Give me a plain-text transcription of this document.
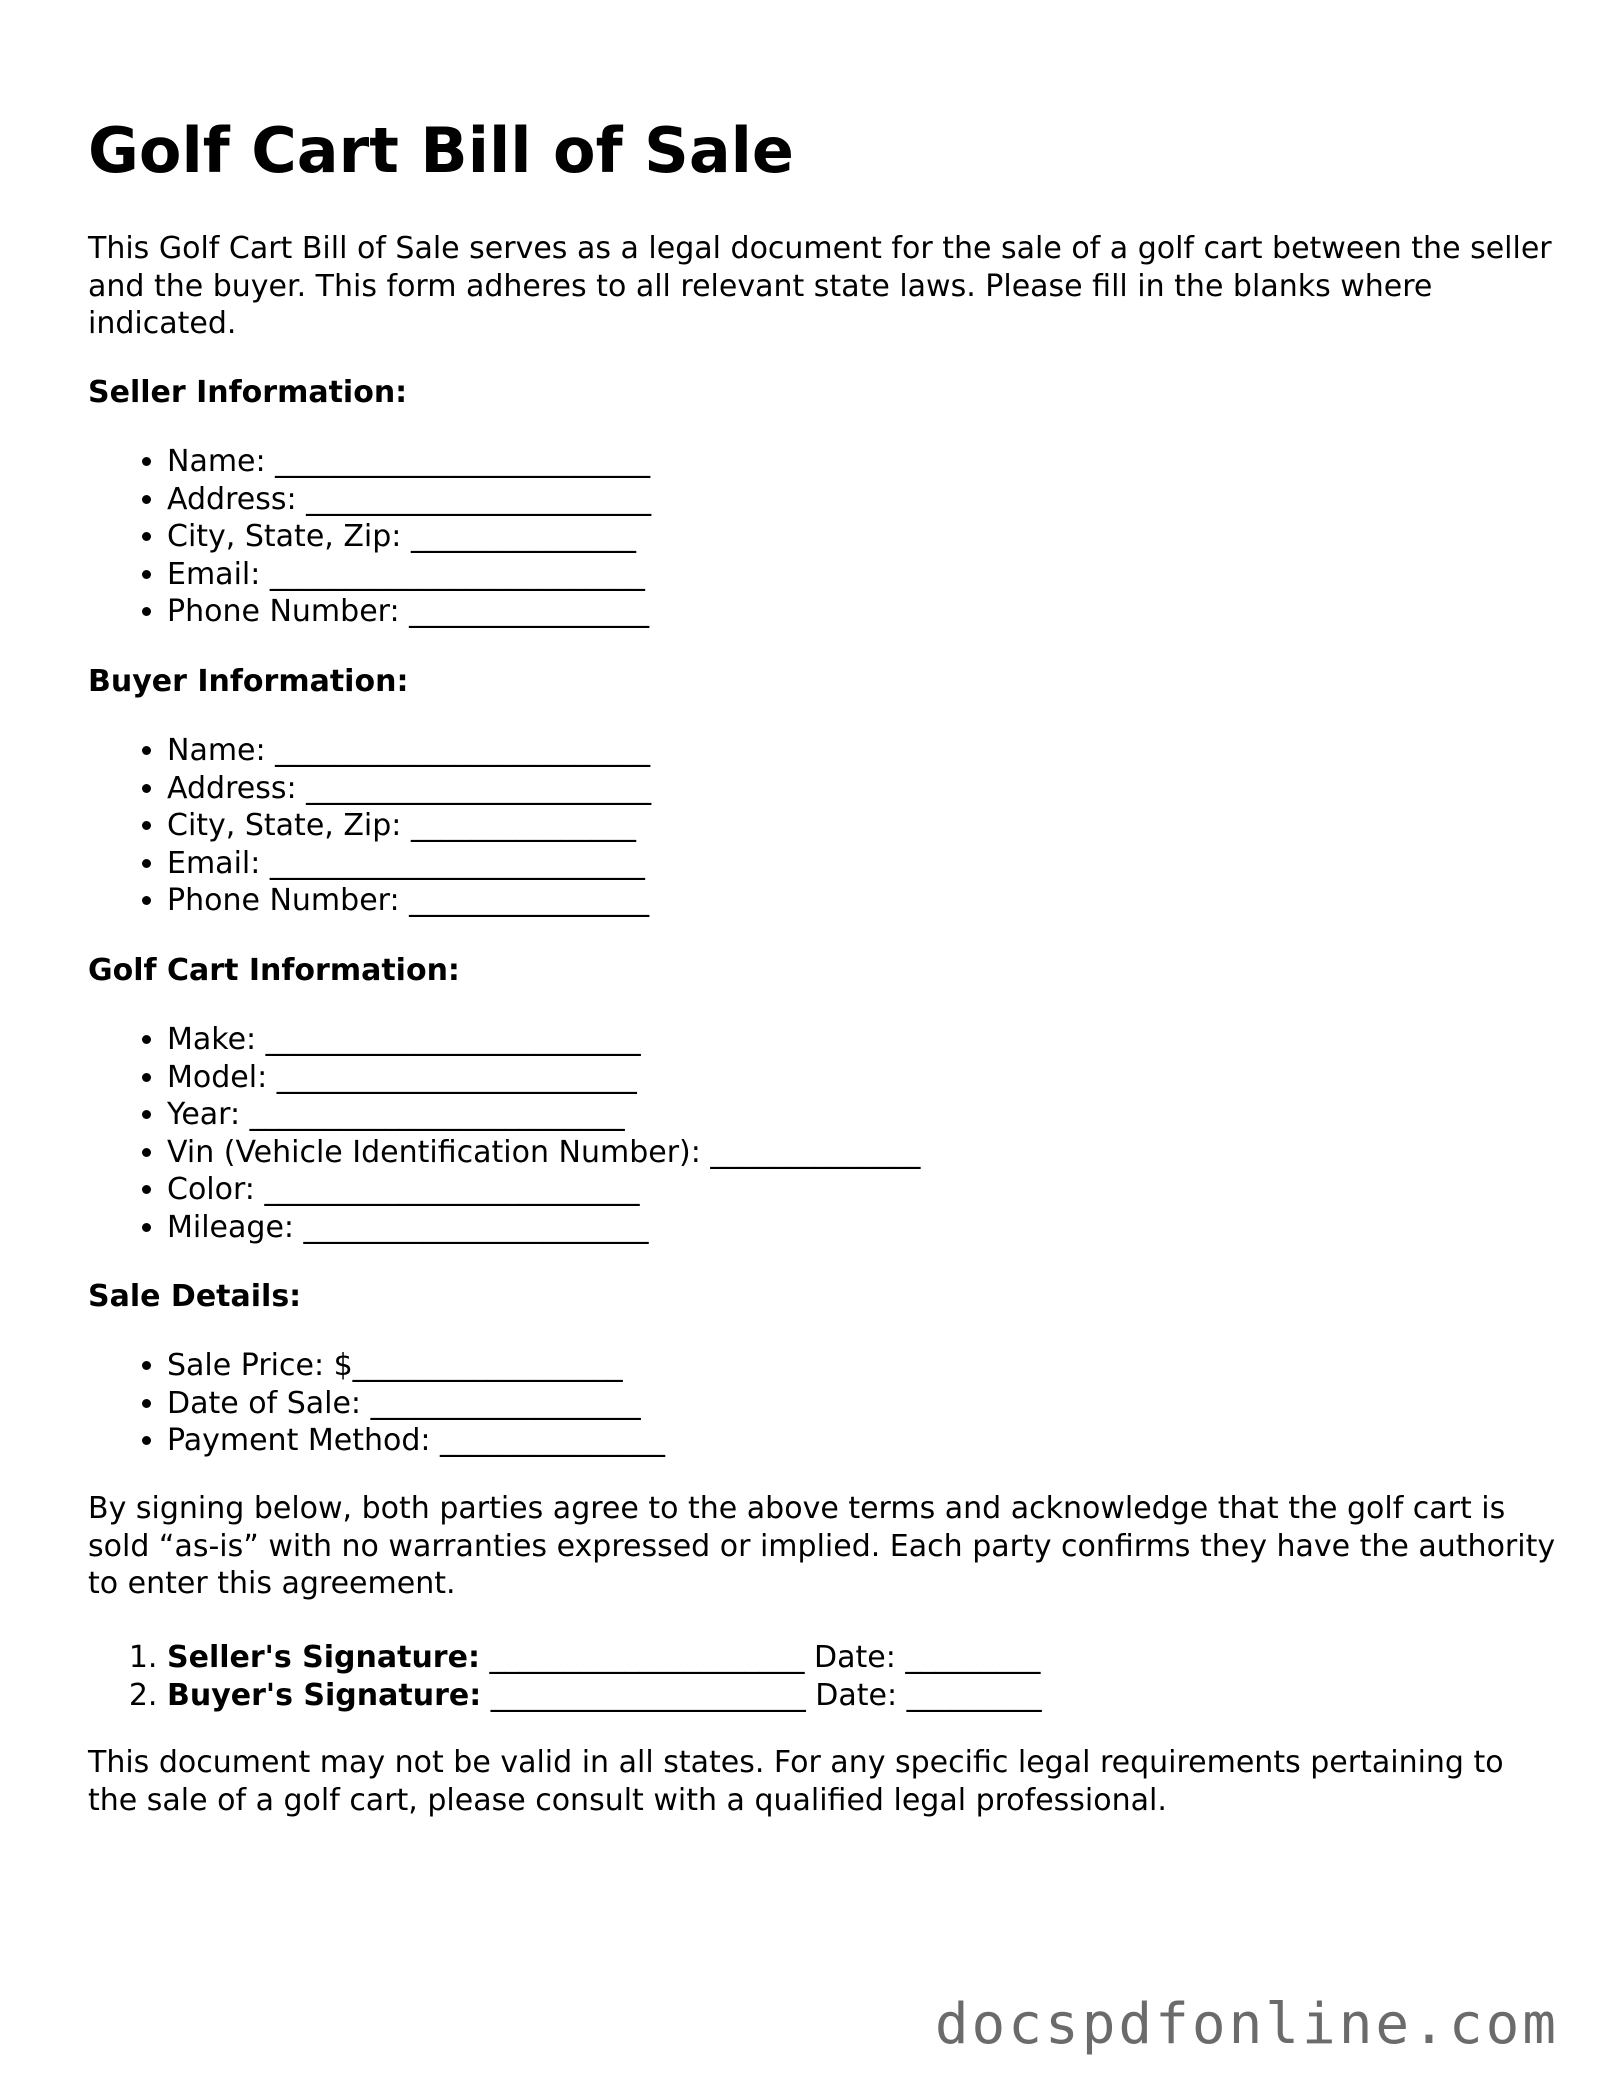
Golf Cart Bill of Sale

This Golf Cart Bill of Sale serves as a legal document for the sale of a golf cart between the seller and the buyer. This form adheres to all relevant state laws. Please fill in the blanks where indicated.

Seller Information:

• Name: _________________________
• Address: _______________________
• City, State, Zip: _______________
• Email: _________________________
• Phone Number: ________________

Buyer Information:

• Name: _________________________
• Address: _______________________
• City, State, Zip: _______________
• Email: _________________________
• Phone Number: ________________

Golf Cart Information:

• Make: _________________________
• Model: ________________________
• Year: _________________________
• Vin (Vehicle Identification Number): ______________
• Color: _________________________
• Mileage: _______________________

Sale Details:

• Sale Price: $__________________
• Date of Sale: __________________
• Payment Method: _______________

By signing below, both parties agree to the above terms and acknowledge that the golf cart is sold “as-is” with no warranties expressed or implied. Each party confirms they have the authority to enter this agreement.

1. Seller's Signature: _____________________ Date: _________
2. Buyer's Signature: _____________________ Date: _________

This document may not be valid in all states. For any specific legal requirements pertaining to the sale of a golf cart, please consult with a qualified legal professional.

docspdfonline.com
